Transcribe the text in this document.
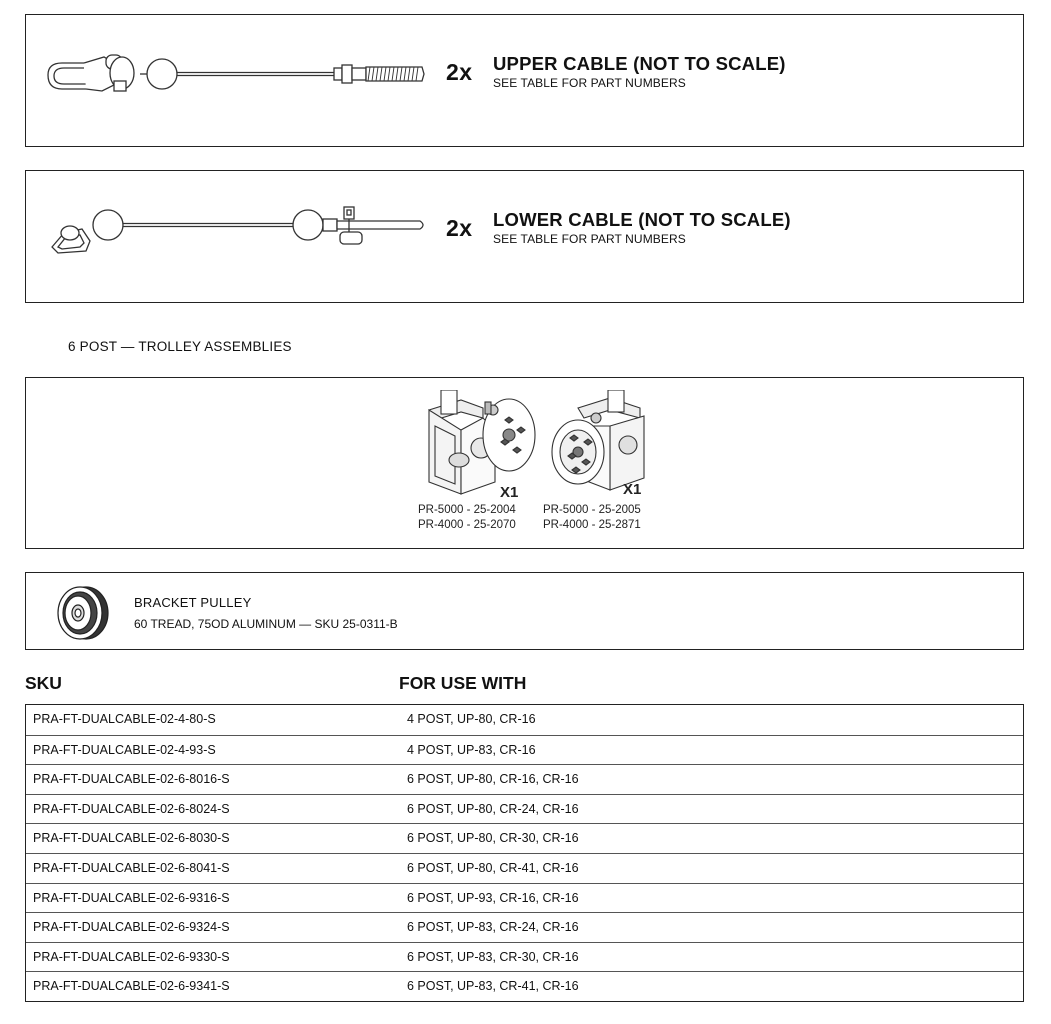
2x UPPER CABLE (NOT TO SCALE)
SEE TABLE FOR PART NUMBERS
2x LOWER CABLE (NOT TO SCALE)
SEE TABLE FOR PART NUMBERS
6 POST — TROLLEY ASSEMBLIES
X1
PR-5000 - 25-2004
PR-4000 - 25-2070
X1
PR-5000 - 25-2005
PR-4000 - 25-2871
BRACKET PULLEY
60 TREAD, 75OD ALUMINUM — SKU 25-0311-B
SKU	FOR USE WITH
PRA-FT-DUALCABLE-02-4-80-S	4 POST, UP-80, CR-16
PRA-FT-DUALCABLE-02-4-93-S	4 POST, UP-83, CR-16
PRA-FT-DUALCABLE-02-6-8016-S	6 POST, UP-80, CR-16, CR-16
PRA-FT-DUALCABLE-02-6-8024-S	6 POST, UP-80, CR-24, CR-16
PRA-FT-DUALCABLE-02-6-8030-S	6 POST, UP-80, CR-30, CR-16
PRA-FT-DUALCABLE-02-6-8041-S	6 POST, UP-80, CR-41, CR-16
PRA-FT-DUALCABLE-02-6-9316-S	6 POST, UP-93, CR-16, CR-16
PRA-FT-DUALCABLE-02-6-9324-S	6 POST, UP-83, CR-24, CR-16
PRA-FT-DUALCABLE-02-6-9330-S	6 POST, UP-83, CR-30, CR-16
PRA-FT-DUALCABLE-02-6-9341-S	6 POST, UP-83, CR-41, CR-16
